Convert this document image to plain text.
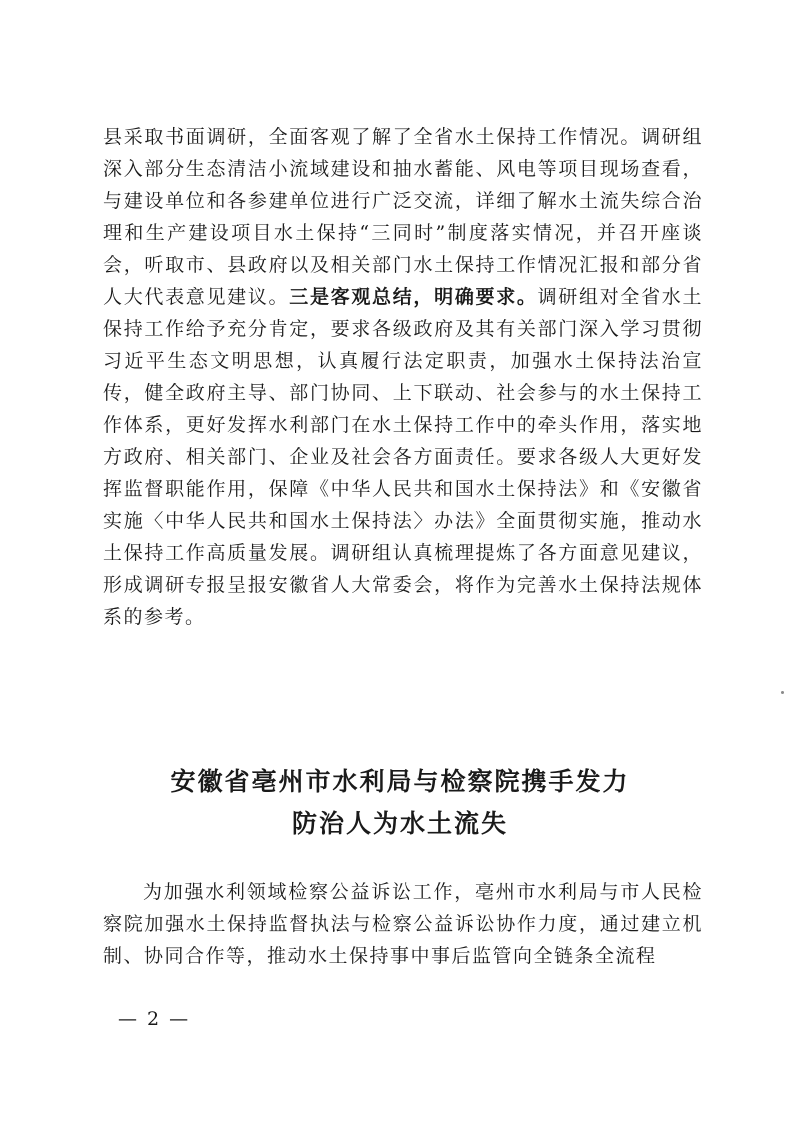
县采取书面调研，全面客观了解了全省水土保持工作情况。调研组深入部分生态清洁小流域建设和抽水蓄能、风电等项目现场查看，与建设单位和各参建单位进行广泛交流，详细了解水土流失综合治理和生产建设项目水土保持“三同时”制度落实情况，并召开座谈会，听取市、县政府以及相关部门水土保持工作情况汇报和部分省人大代表意见建议。三是客观总结，明确要求。调研组对全省水土保持工作给予充分肯定，要求各级政府及其有关部门深入学习贯彻习近平生态文明思想，认真履行法定职责，加强水土保持法治宣传，健全政府主导、部门协同、上下联动、社会参与的水土保持工作体系，更好发挥水利部门在水土保持工作中的牵头作用，落实地方政府、相关部门、企业及社会各方面责任。要求各级人大更好发挥监督职能作用，保障《中华人民共和国水土保持法》和《安徽省实施〈中华人民共和国水土保持法〉办法》全面贯彻实施，推动水土保持工作高质量发展。调研组认真梳理提炼了各方面意见建议，形成调研专报呈报安徽省人大常委会，将作为完善水土保持法规体系的参考。

安徽省亳州市水利局与检察院携手发力
防治人为水土流失

为加强水利领域检察公益诉讼工作，亳州市水利局与市人民检察院加强水土保持监督执法与检察公益诉讼协作力度，通过建立机制、协同合作等，推动水土保持事中事后监管向全链条全流程

— 2 —
